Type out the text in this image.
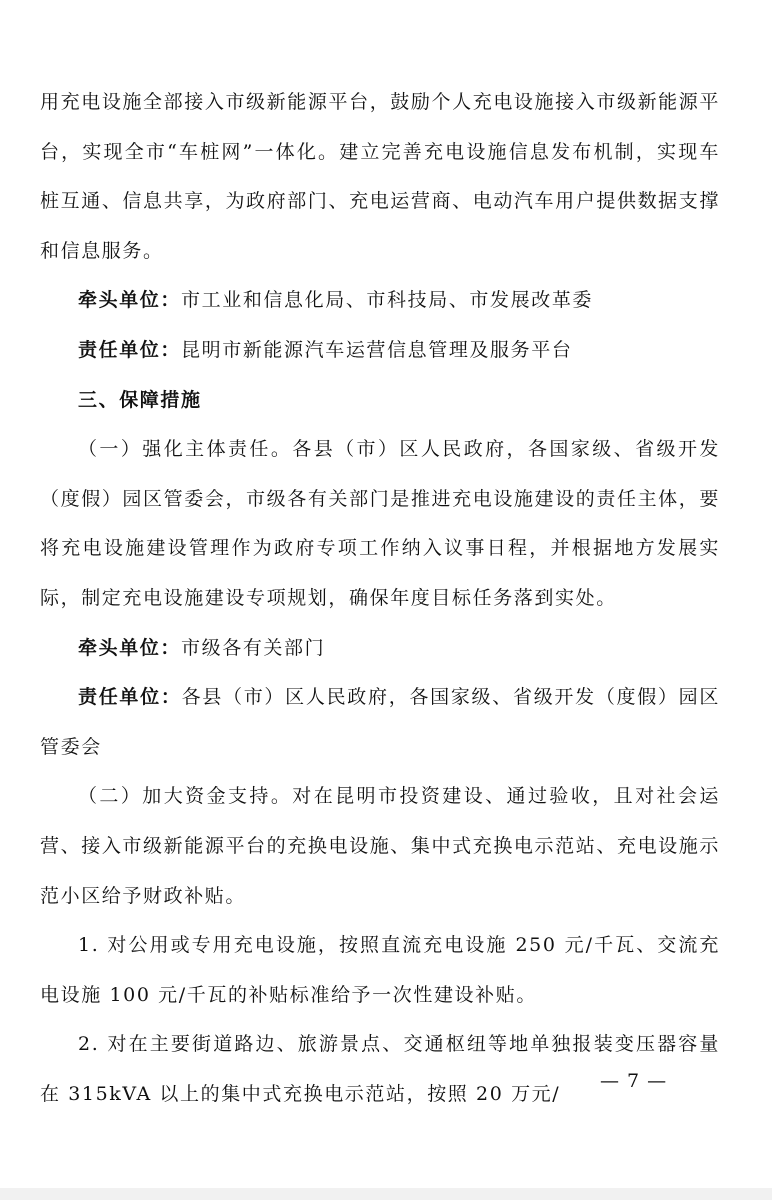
用充电设施全部接入市级新能源平台，鼓励个人充电设施接入市级新能源平台，实现全市“车桩网”一体化。建立完善充电设施信息发布机制，实现车桩互通、信息共享，为政府部门、充电运营商、电动汽车用户提供数据支撑和信息服务。

牵头单位：市工业和信息化局、市科技局、市发展改革委

责任单位：昆明市新能源汽车运营信息管理及服务平台

三、保障措施

（一）强化主体责任。各县（市）区人民政府，各国家级、省级开发（度假）园区管委会，市级各有关部门是推进充电设施建设的责任主体，要将充电设施建设管理作为政府专项工作纳入议事日程，并根据地方发展实际，制定充电设施建设专项规划，确保年度目标任务落到实处。

牵头单位：市级各有关部门

责任单位：各县（市）区人民政府，各国家级、省级开发（度假）园区管委会

（二）加大资金支持。对在昆明市投资建设、通过验收，且对社会运营、接入市级新能源平台的充换电设施、集中式充换电示范站、充电设施示范小区给予财政补贴。

1. 对公用或专用充电设施，按照直流充电设施 250 元/千瓦、交流充电设施 100 元/千瓦的补贴标准给予一次性建设补贴。

2. 对在主要街道路边、旅游景点、交通枢纽等地单独报装变压器容量在 315kVA 以上的集中式充换电示范站，按照 20 万元/

— 7 —
